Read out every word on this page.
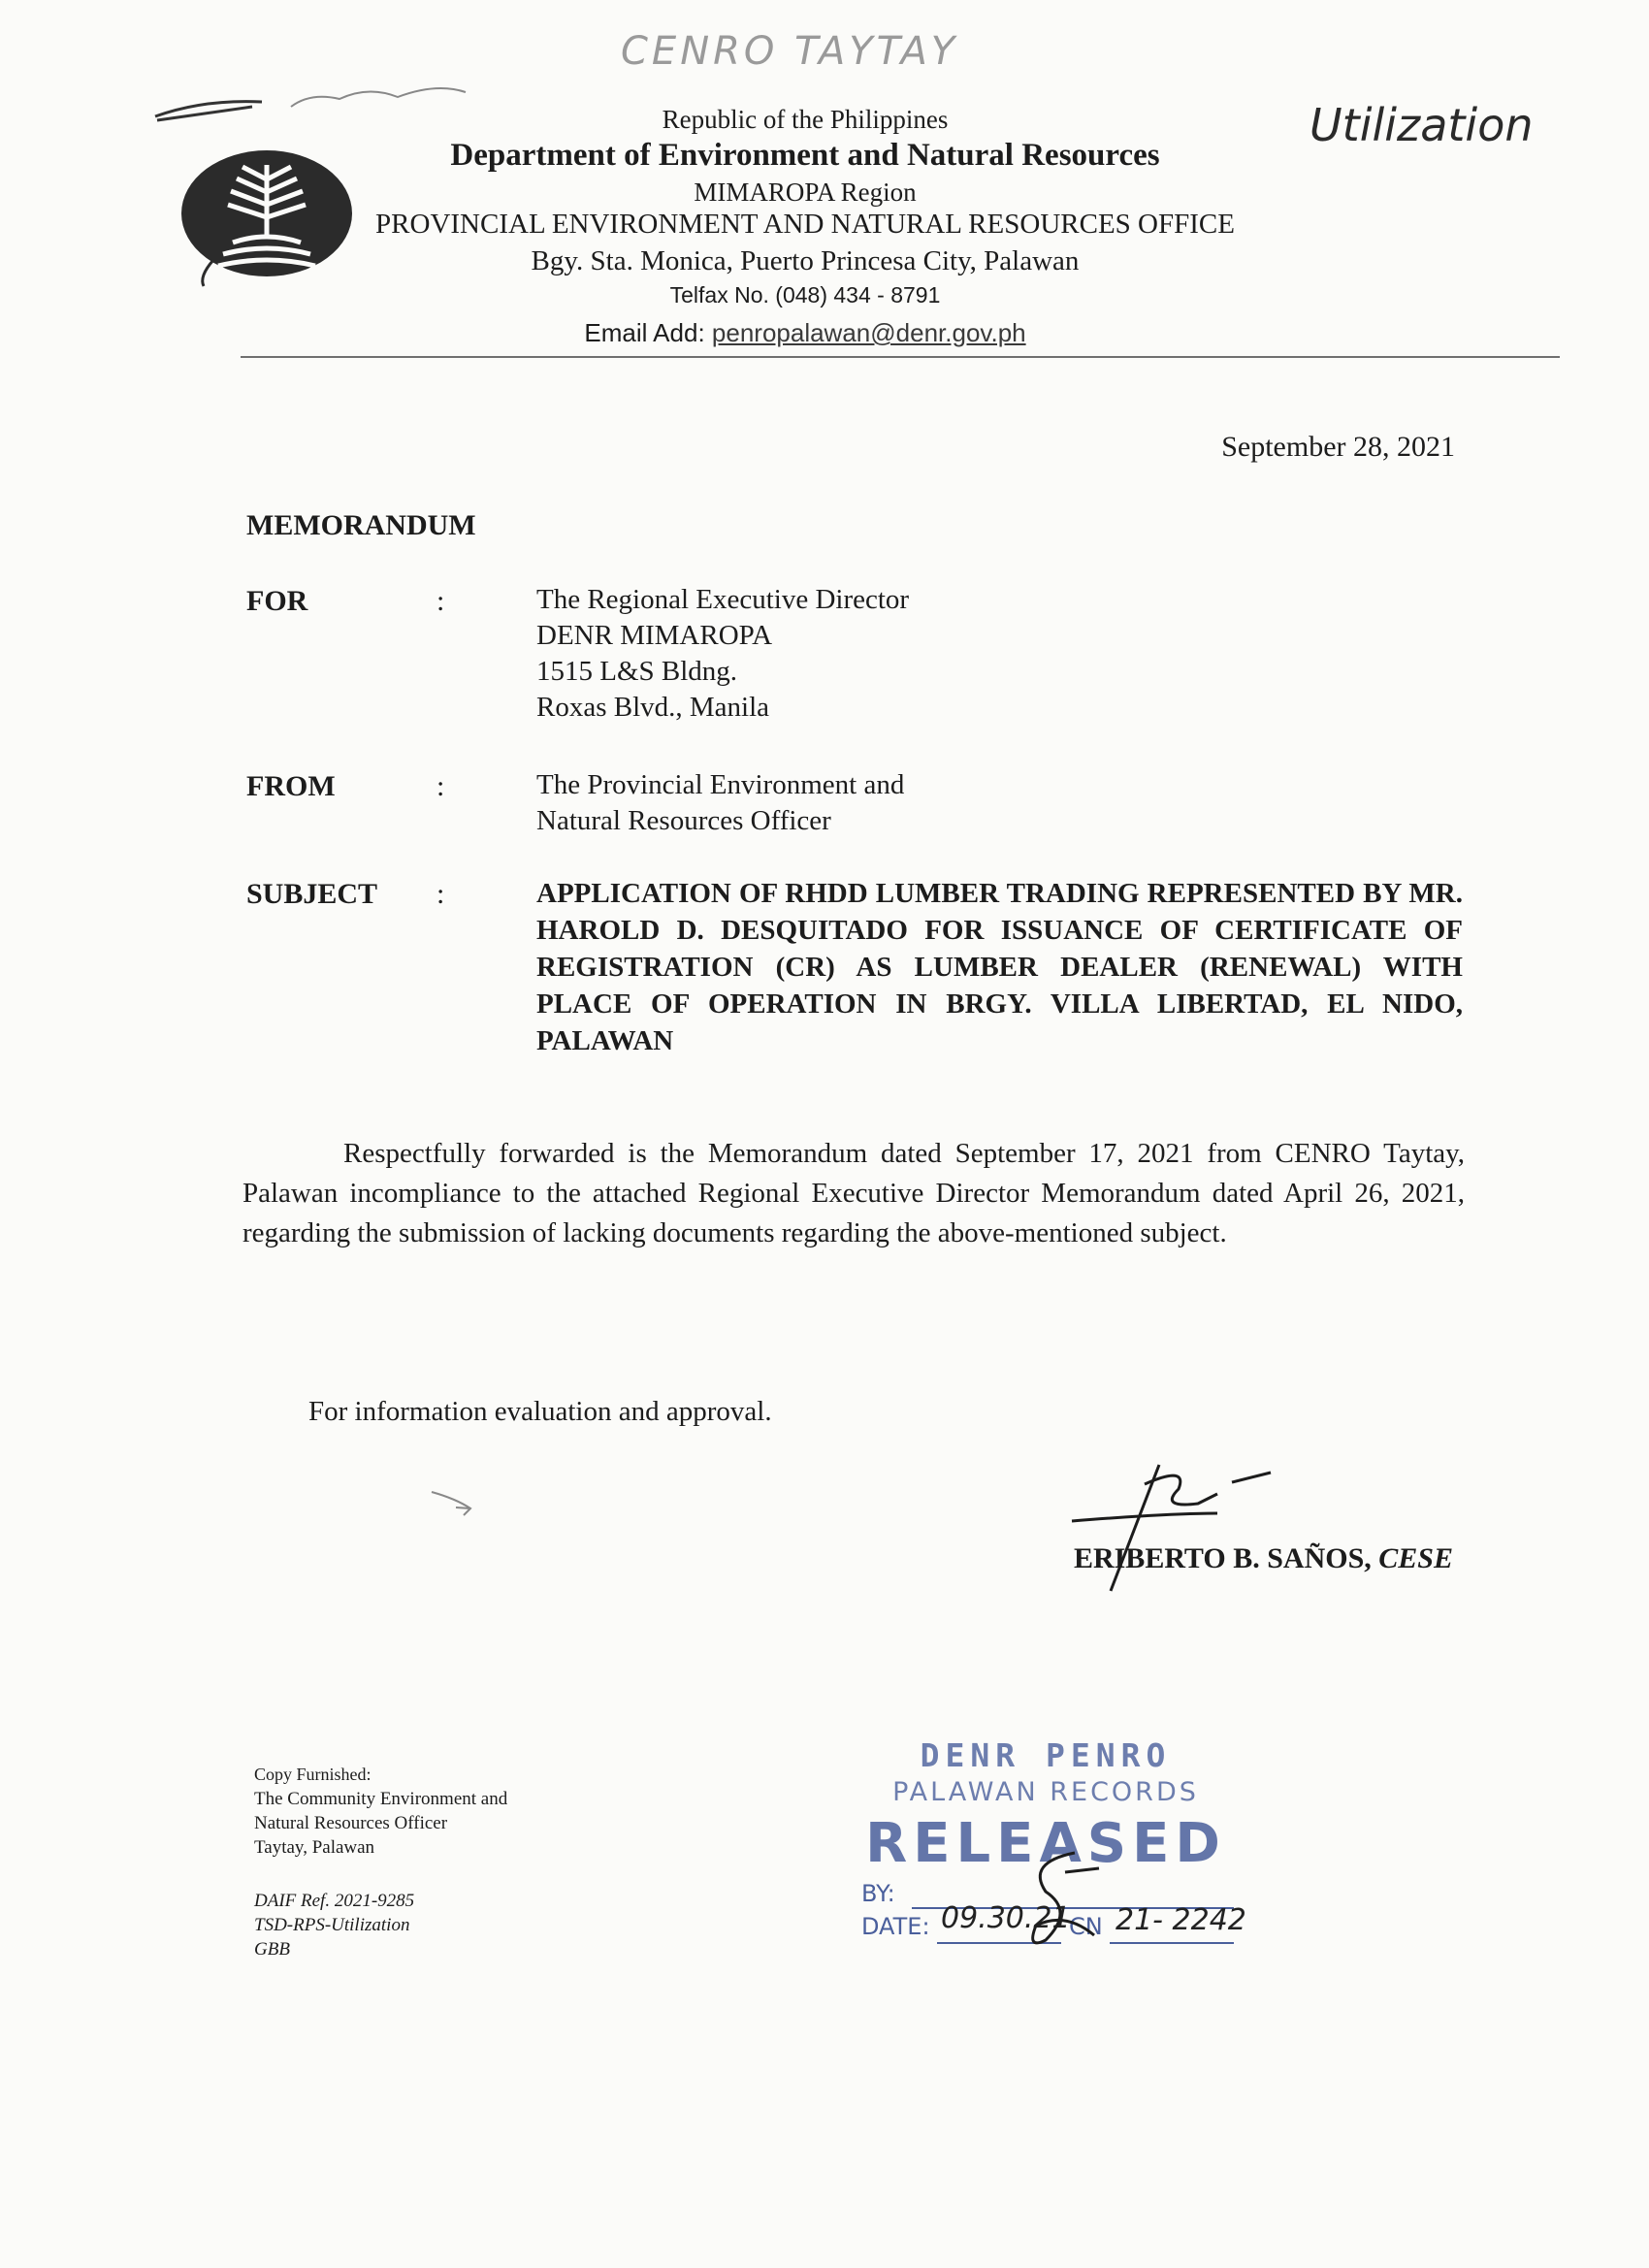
CENRO TAYTAY
Utilization
Republic of the Philippines
Department of Environment and Natural Resources
MIMAROPA Region
PROVINCIAL ENVIRONMENT AND NATURAL RESOURCES OFFICE
Bgy. Sta. Monica, Puerto Princesa City, Palawan
Telfax No. (048) 434 - 8791
Email Add: penropalawan@denr.gov.ph
September 28, 2021
MEMORANDUM
FOR	:	The Regional Executive Director
DENR MIMAROPA
1515 L&S Bldng.
Roxas Blvd., Manila
FROM	:	The Provincial Environment and
Natural Resources Officer
SUBJECT :	APPLICATION OF RHDD LUMBER TRADING REPRESENTED BY MR. HAROLD D. DESQUITADO FOR ISSUANCE OF CERTIFICATE OF REGISTRATION (CR) AS LUMBER DEALER (RENEWAL) WITH PLACE OF OPERATION IN BRGY. VILLA LIBERTAD, EL NIDO, PALAWAN
Respectfully forwarded is the Memorandum dated September 17, 2021 from CENRO Taytay, Palawan incompliance to the attached Regional Executive Director Memorandum dated April 26, 2021, regarding the submission of lacking documents regarding the above-mentioned subject.
For information evaluation and approval.
ERIBERTO B. SAÑOS, CESE
Copy Furnished:
The Community Environment and
Natural Resources Officer
Taytay, Palawan
DAIF Ref. 2021-9285
TSD-RPS-Utilization
GBB
DENR PENRO
PALAWAN RECORDS
RELEASED
BY:
DATE: 09.30.21
CN 21- 2242
